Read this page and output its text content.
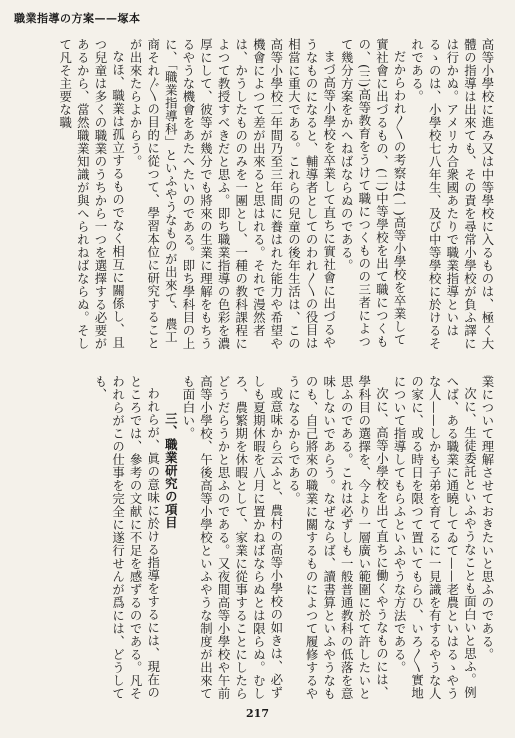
職業指導の方案——塚本

高等小學校に進み又は中等學校に入るものは、極く大體の指導は出來ても、その責を尋常小學校が負ふ譯には行かぬ。アメリカ合衆國あたりで職業指導といはるゝのは、小學校七八年生、及び中等學校に於けるそれである。

だからわれ〳〵の考察は(一)高等小學校を卒業して實社會に出づるもの、(二)中等學校を出て職につくもの、(三)高等教育をうけて職につくものの三者によつて幾分方案をかへねばならぬのである。

まづ高等小學校を卒業して直ちに實社會に出づるやうなものになると、輔導者としてのわれ〳〵の役目は相當に重大である。これらの兒童の後年生活は、この高等小學校二年間乃至三年間に養はれた能力や希望や機會によつて差が出來ると思はれる。それで漫然者は、かうしたもののみを一團とし、一種の教科課程によつて教授すべきだと思ふ。即ち職業指導の色彩を濃厚にして、彼等が幾分でも將來の生業に理解をもちうるやうな機會をあたへたいのである。即ち學科目の上に、「職業指導科」といふやうなものが出來て、農工商それ〴〵の目的に從つて、學習本位に研究することが出來たらよからう。

なほ、職業は孤立するものでなく相互に關係し、且つ兒童は多くの職業のうちから一つを選擇する必要があるから、當然職業知識が與へられねばならぬ。そして凡そ主要な職

業について理解させておきたいと思ふのである。

次に、生徒委託といふやうなことも面白いと思ふ。例へば、ある職業に通曉してゐて——老農といはるゝやうな人——しかも子弟を育てるに一見識を有するやうな人の家に、或る時日を限つて置いてもらひ、いろ〳〵實地について指導してもらふといふやうな方法である。

次に、高等小學校を出て直ちに働くやうなものには、學科目の選擇を、今より一層廣い範圍に於て許したいと思ふのである。これは必ずしも一般普通教科の低落を意味しないであらう。なぜならば、讀書算といふやうなものも、自己將來の職業に關するものによつて履修するやうになるからである。

或意味から云ふと、農村の高等小學校の如きは、必ずしも夏期休暇を八月に置かねばならぬとは限らぬ。むしろ、農繁期を休暇として、家業に從事することにしたらどうだらうかと思ふのである。又夜間高等小學校や午前高等小學校、午後高等小學校といふやうな制度が出來ても面白い。

三、職業研究の項目

われらが、眞の意味に於ける指導をするには、現在のところでは、參考の文献に不足を感ずるのである。凡そわれらがこの仕事を完全に遂行せんが爲には、どうしても、

217
